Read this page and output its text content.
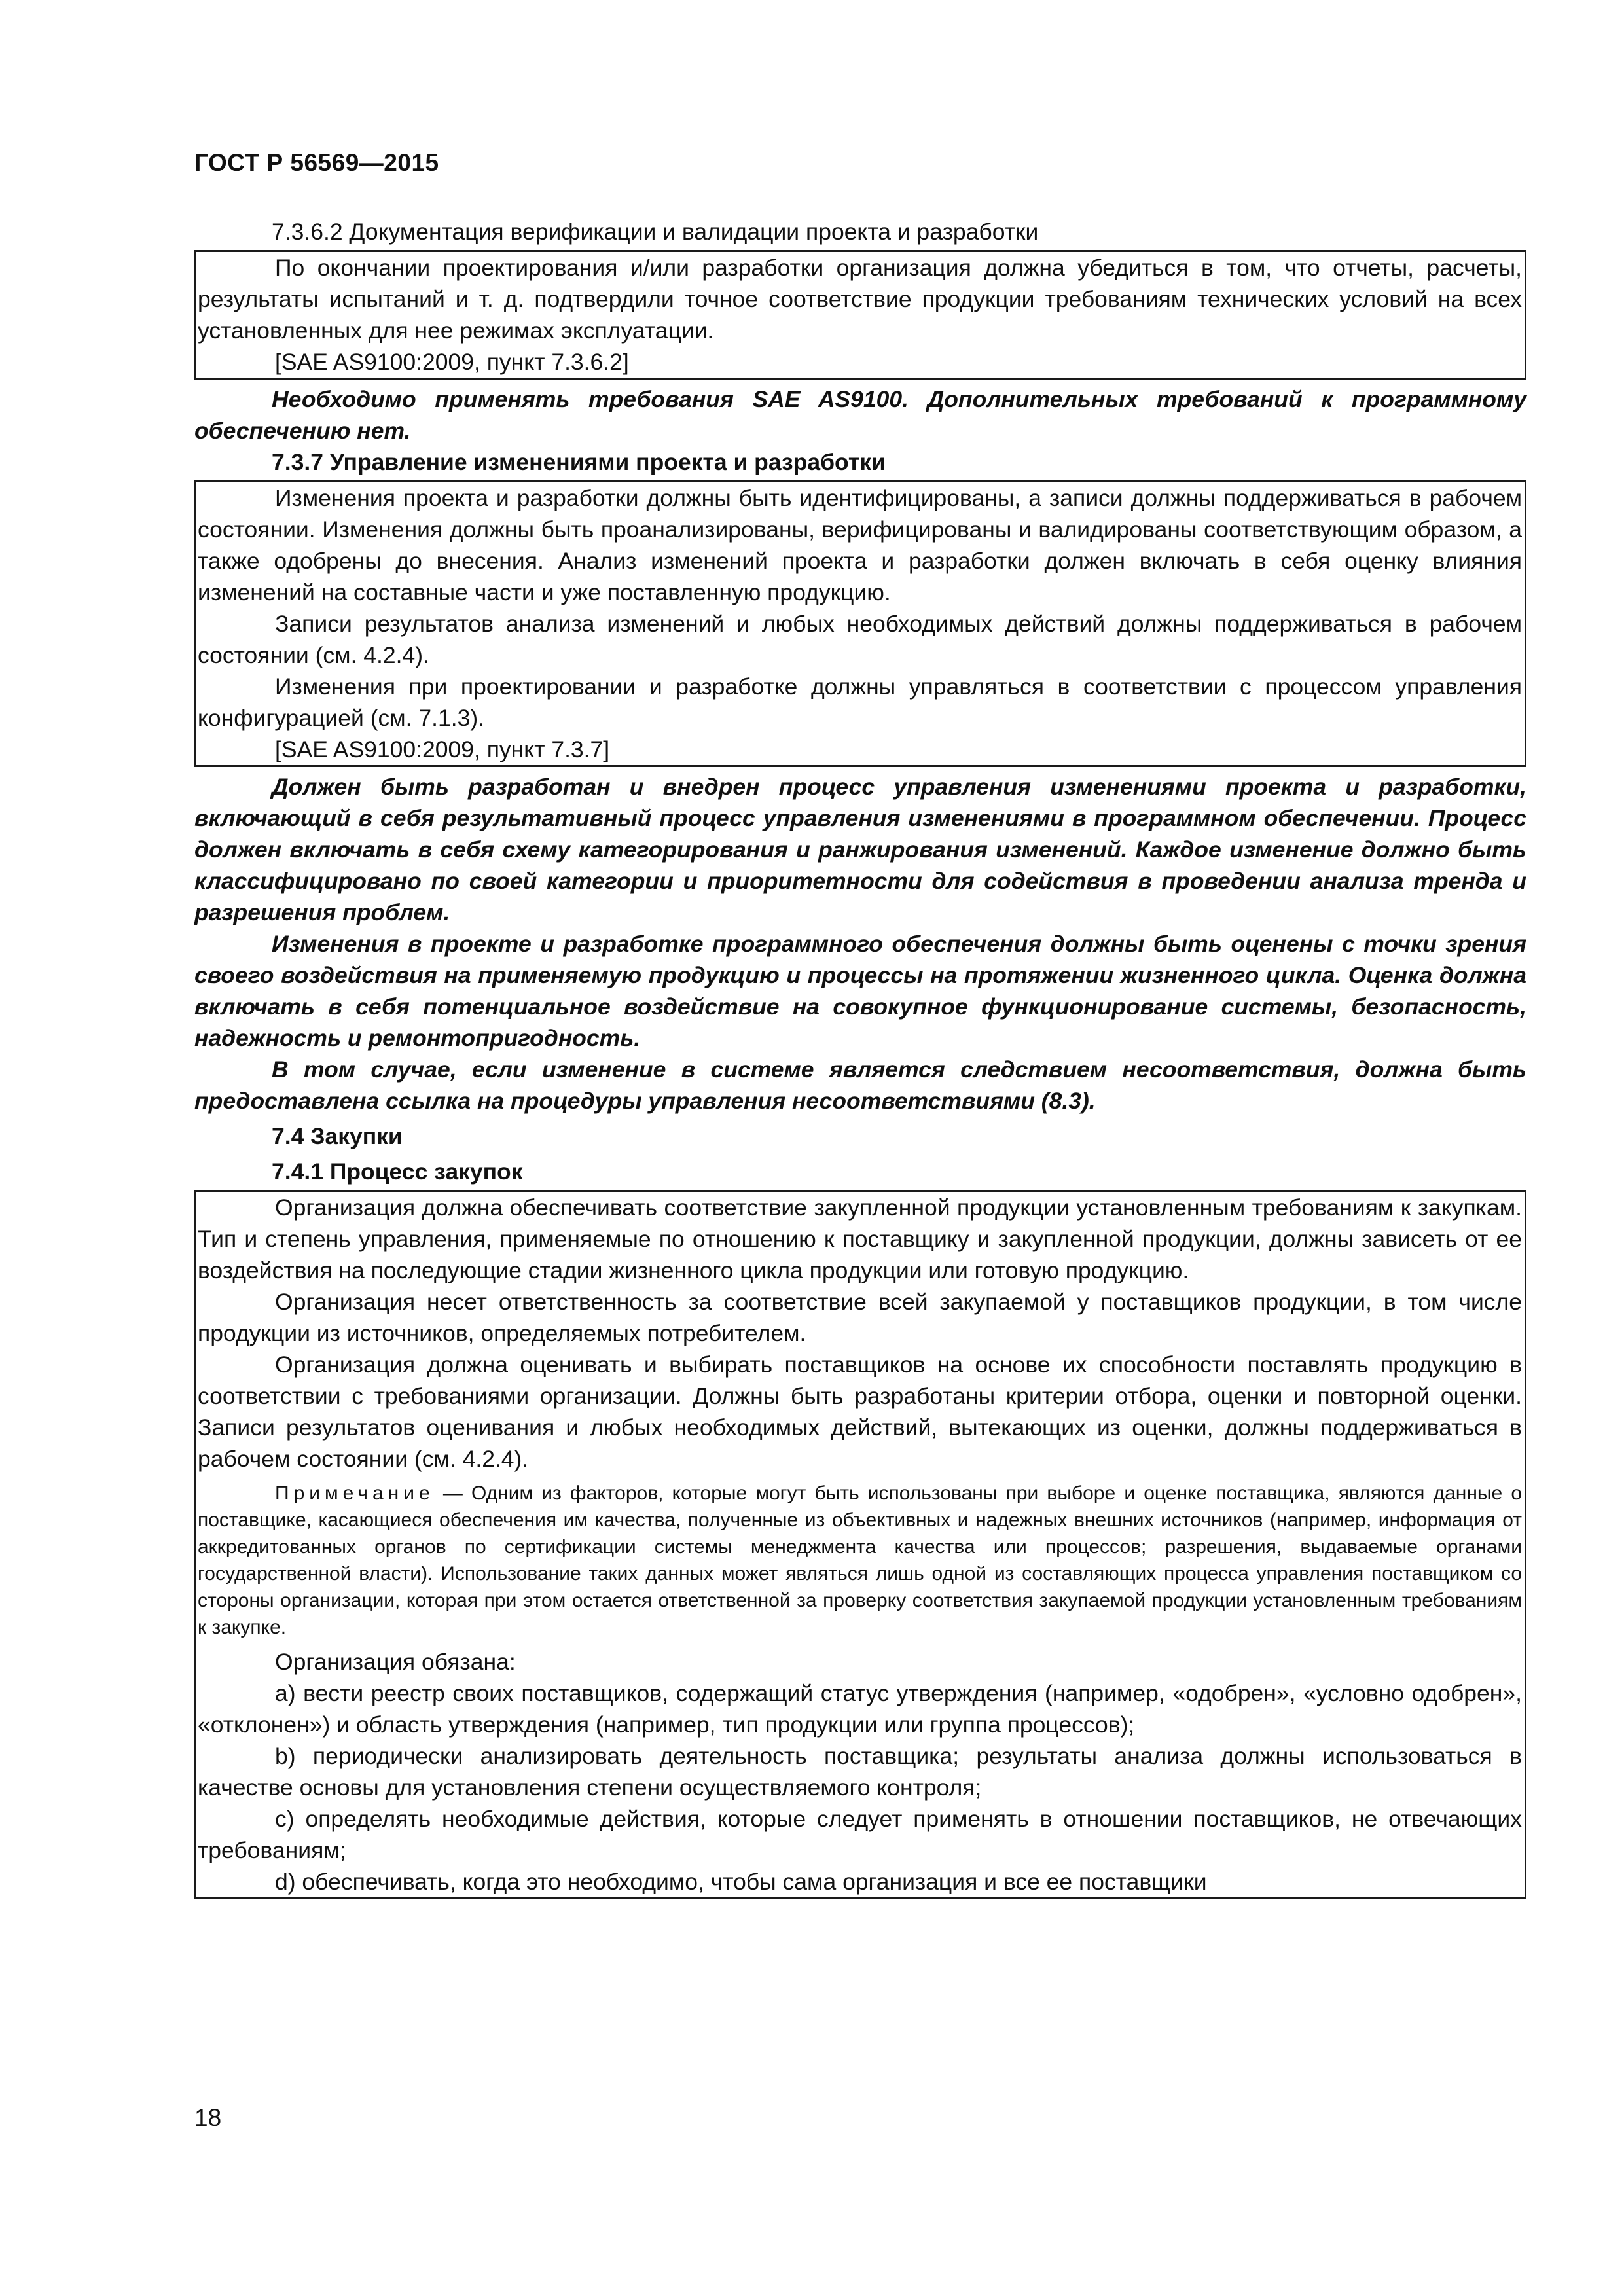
ГОСТ Р 56569—2015

7.3.6.2 Документация верификации и валидации проекта и разработки

По окончании проектирования и/или разработки организация должна убедиться в том, что отчеты, расчеты, результаты испытаний и т. д. подтвердили точное соответствие продукции требованиям технических условий на всех установленных для нее режимах эксплуатации.

[SAE AS9100:2009, пункт 7.3.6.2]

Необходимо применять требования SAE AS9100. Дополнительных требований к программному обеспечению нет.

7.3.7 Управление изменениями проекта и разработки

Изменения проекта и разработки должны быть идентифицированы, а записи должны поддерживаться в рабочем состоянии. Изменения должны быть проанализированы, верифицированы и валидированы соответствующим образом, а также одобрены до внесения. Анализ изменений проекта и разработки должен включать в себя оценку влияния изменений на составные части и уже поставленную продукцию.

Записи результатов анализа изменений и любых необходимых действий должны поддерживаться в рабочем состоянии (см. 4.2.4).

Изменения при проектировании и разработке должны управляться в соответствии с процессом управления конфигурацией (см. 7.1.3).

[SAE AS9100:2009, пункт 7.3.7]

Должен быть разработан и внедрен процесс управления изменениями проекта и разработки, включающий в себя результативный процесс управления изменениями в программном обеспечении. Процесс должен включать в себя схему категорирования и ранжирования изменений. Каждое изменение должно быть классифицировано по своей категории и приоритетности для содействия в проведении анализа тренда и разрешения проблем.

Изменения в проекте и разработке программного обеспечения должны быть оценены с точки зрения своего воздействия на применяемую продукцию и процессы на протяжении жизненного цикла. Оценка должна включать в себя потенциальное воздействие на совокупное функционирование системы, безопасность, надежность и ремонтопригодность.

В том случае, если изменение в системе является следствием несоответствия, должна быть предоставлена ссылка на процедуры управления несоответствиями (8.3).

7.4 Закупки

7.4.1 Процесс закупок

Организация должна обеспечивать соответствие закупленной продукции установленным требованиям к закупкам. Тип и степень управления, применяемые по отношению к поставщику и закупленной продукции, должны зависеть от ее воздействия на последующие стадии жизненного цикла продукции или готовую продукцию.

Организация несет ответственность за соответствие всей закупаемой у поставщиков продукции, в том числе продукции из источников, определяемых потребителем.

Организация должна оценивать и выбирать поставщиков на основе их способности поставлять продукцию в соответствии с требованиями организации. Должны быть разработаны критерии отбора, оценки и повторной оценки. Записи результатов оценивания и любых необходимых действий, вытекающих из оценки, должны поддерживаться в рабочем состоянии (см. 4.2.4).

Примечание — Одним из факторов, которые могут быть использованы при выборе и оценке поставщика, являются данные о поставщике, касающиеся обеспечения им качества, полученные из объективных и надежных внешних источников (например, информация от аккредитованных органов по сертификации системы менеджмента качества или процессов; разрешения, выдаваемые органами государственной власти). Использование таких данных может являться лишь одной из составляющих процесса управления поставщиком со стороны организации, которая при этом остается ответственной за проверку соответствия закупаемой продукции установленным требованиям к закупке.

Организация обязана:

a) вести реестр своих поставщиков, содержащий статус утверждения (например, «одобрен», «условно одобрен», «отклонен») и область утверждения (например, тип продукции или группа процессов);

b) периодически анализировать деятельность поставщика; результаты анализа должны использоваться в качестве основы для установления степени осуществляемого контроля;

c) определять необходимые действия, которые следует применять в отношении поставщиков, не отвечающих требованиям;

d) обеспечивать, когда это необходимо, чтобы сама организация и все ее поставщики

18
